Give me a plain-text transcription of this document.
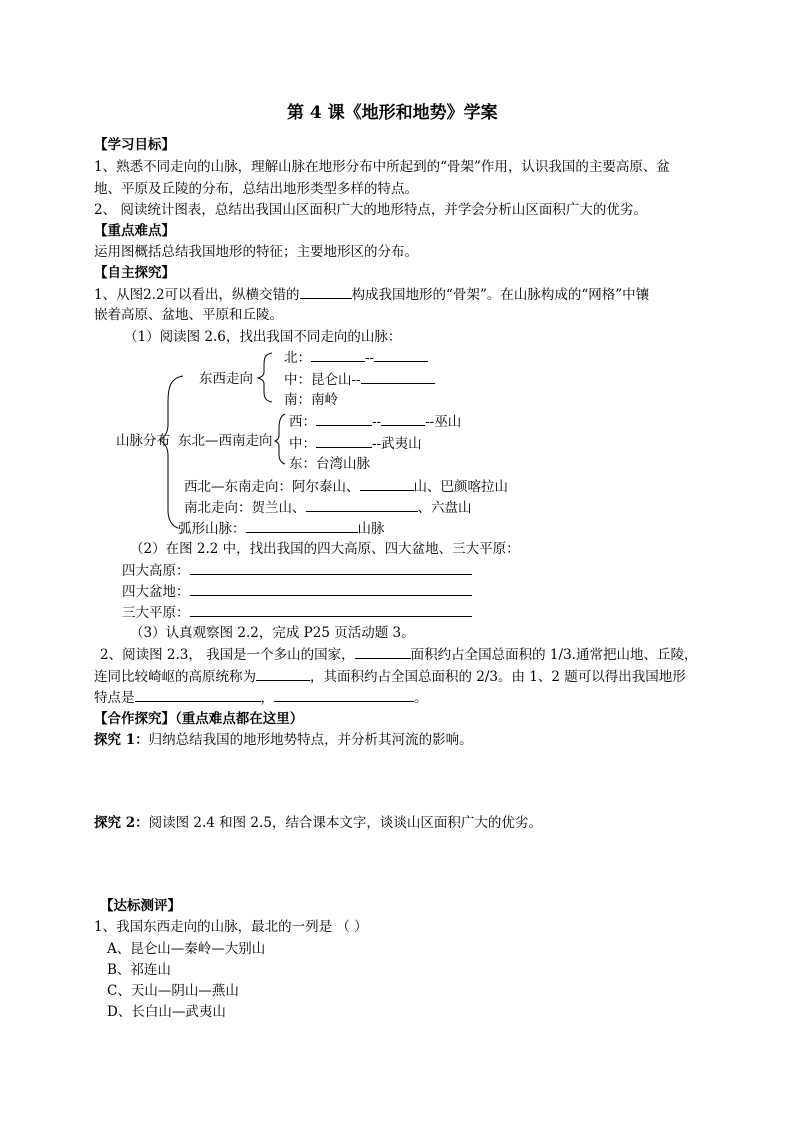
第 4 课《地形和地势》学案
【学习目标】
1、熟悉不同走向的山脉，理解山脉在地形分布中所起到的“骨架”作用，认识我国的主要高原、盆
地、平原及丘陵的分布，总结出地形类型多样的特点。
2、 阅读统计图表，总结出我国山区面积广大的地形特点，并学会分析山区面积广大的优劣。
【重点难点】
运用图概括总结我国地形的特征；主要地形区的分布。
【自主探究】
1、从图2.2可以看出，纵横交错的	构成我国地形的“骨架”。在山脉构成的“网格”中镶
嵌着高原、盆地、平原和丘陵。
（1）阅读图 2.6，找出我国不同走向的山脉：
山脉分布
东西走向
北：	--
中：昆仑山--
南：南岭
东北—西南走向
西：	--	--巫山
中：	--武夷山
东：台湾山脉
西北—东南走向：阿尔泰山、	山、巴颜喀拉山
南北走向：贺兰山、	、六盘山
弧形山脉：	山脉
（2）在图 2.2 中，找出我国的四大高原、四大盆地、三大平原：
四大高原：
四大盆地：
三大平原：
（3）认真观察图 2.2，完成 P25 页活动题 3。
2、阅读图 2.3， 我国是一个多山的国家，	面积约占全国总面积的 1/3.通常把山地、丘陵，
连同比较崎岖的高原统称为	，其面积约占全国总面积的 2/3。由 1、2 题可以得出我国地形
特点是	，	。
【合作探究】（重点难点都在这里）
探究 1：归纳总结我国的地形地势特点，并分析其河流的影响。
探究 2：阅读图 2.4 和图 2.5，结合课本文字，谈谈山区面积广大的优劣。
【达标测评】
1、我国东西走向的山脉，最北的一列是 （ ）
A、昆仑山—秦岭—大别山
B、祁连山
C、天山—阴山—燕山
D、长白山—武夷山
